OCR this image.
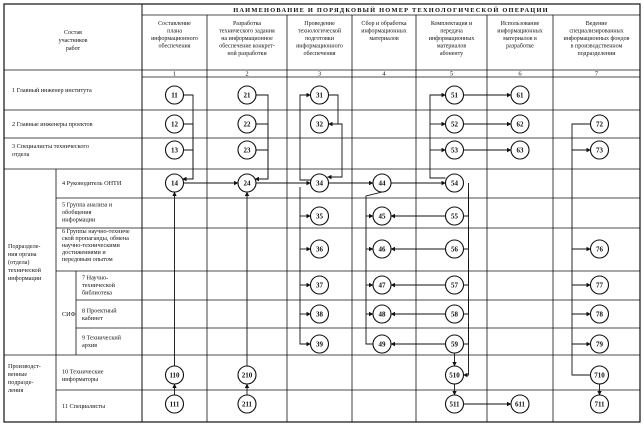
НАИМЕНОВАНИЕ И ПОРЯДКОВЫЙ НОМЕР ТЕХНОЛОГИЧЕСКОЙ ОПЕРАЦИИ
Состав
участников
работ
Составление
плана
информационного
обеспечения
1
Разработка
технического задания
на информационное
обеспечение конкрет-
ной разработки
2
Проведение
технологической
подготовки
информационного
обеспечения
3
Сбор и обработка
информационных
материалов
4
Комплектация и
передача
информационных
материалов
абоненту
5
Использование
информационных
материалов в
разработке
6
Ведение
специализированных
информационных фондов
в производственном
подразделении
7
1 Главный инженер института
2 Главные инженеры проектов
3 Специалисты технического
отдела
4 Руководитель ОНТИ
5 Группа анализа и
обобщения
информации
6 Группы научно-техниче
ской пропаганды, обмена
научно-техническими
достижениями и
передовым опытом
7 Научно-
технической
библиотека
8 Проектный
кабинет
9 Технический
архив
10 Технические
информаторы
11 Специалисты
Подразделе-
ния органа
(отдела)
технической
информации
СИФ
Производст-
венные
подразде-
ления
11
12
13
14
110
111
21
22
23
24
210
211
31
32
34
35
36
37
38
39
44
45
46
47
48
49
51
52
53
54
55
56
57
58
59
510
511
61
62
63
611
72
73
76
77
78
79
710
711
